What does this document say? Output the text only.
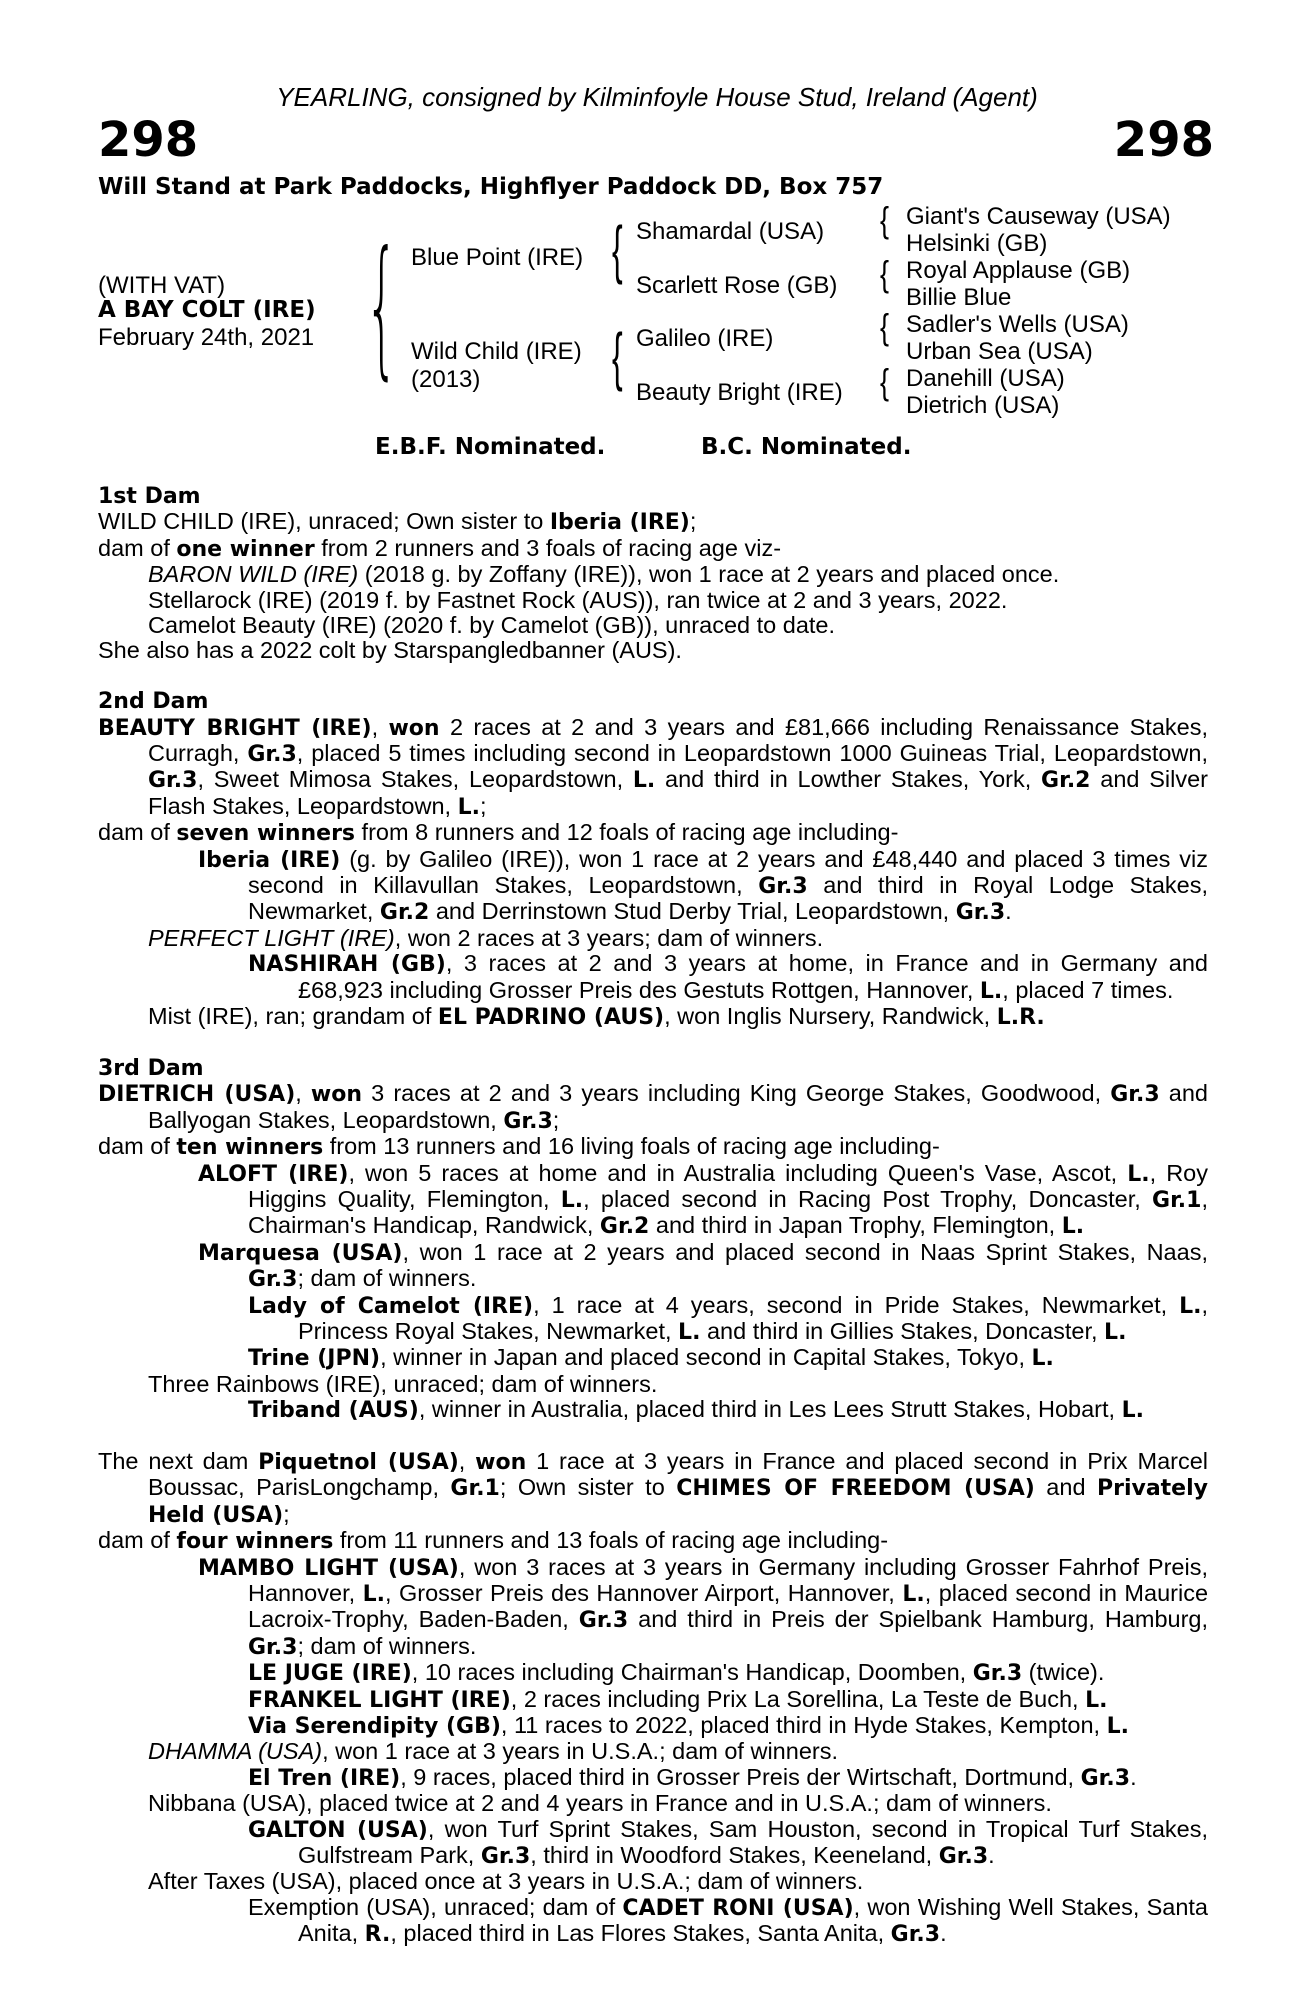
YEARLING, consigned by Kilminfoyle House Stud, Ireland (Agent)
298	298
Will Stand at Park Paddocks, Highflyer Paddock DD, Box 757
(WITH VAT)
A BAY COLT (IRE)
February 24th, 2021 { Blue Point (IRE)
Wild Child (IRE)
(2013)
{
{
Shamardal (USA)
Scarlett Rose (GB)
Galileo (IRE)
Beauty Bright (IRE)
{
{
{
{
Giant's Causeway (USA)
Helsinki (GB)
Royal Applause (GB)
Billie Blue
Sadler's Wells (USA)
Urban Sea (USA)
Danehill (USA)
Dietrich (USA)
E.B.F. Nominated.	B.C. Nominated.
1st Dam

WILD CHILD (IRE), unraced; Own sister to Iberia (IRE);

dam of one winner from 2 runners and 3 foals of racing age viz-

BARON WILD (IRE) (2018 g. by Zoffany (IRE)), won 1 race at 2 years and placed once.

Stellarock (IRE) (2019 f. by Fastnet Rock (AUS)), ran twice at 2 and 3 years, 2022.

Camelot Beauty (IRE) (2020 f. by Camelot (GB)), unraced to date.

She also has a 2022 colt by Starspangledbanner (AUS).

2nd Dam

BEAUTY BRIGHT (IRE), won 2 races at 2 and 3 years and £81,666 including Renaissance Stakes, Curragh, Gr.3, placed 5 times including second in Leopardstown 1000 Guineas Trial, Leopardstown, Gr.3, Sweet Mimosa Stakes, Leopardstown, L. and third in Lowther Stakes, York, Gr.2 and Silver Flash Stakes, Leopardstown, L.;

dam of seven winners from 8 runners and 12 foals of racing age including-

Iberia (IRE) (g. by Galileo (IRE)), won 1 race at 2 years and £48,440 and placed 3 times viz second in Killavullan Stakes, Leopardstown, Gr.3 and third in Royal Lodge Stakes, Newmarket, Gr.2 and Derrinstown Stud Derby Trial, Leopardstown, Gr.3.

PERFECT LIGHT (IRE), won 2 races at 3 years; dam of winners.

NASHIRAH (GB), 3 races at 2 and 3 years at home, in France and in Germany and £68,923 including Grosser Preis des Gestuts Rottgen, Hannover, L., placed 7 times.

Mist (IRE), ran; grandam of EL PADRINO (AUS), won Inglis Nursery, Randwick, L.R.

3rd Dam

DIETRICH (USA), won 3 races at 2 and 3 years including King George Stakes, Goodwood, Gr.3 and Ballyogan Stakes, Leopardstown, Gr.3;

dam of ten winners from 13 runners and 16 living foals of racing age including-

ALOFT (IRE), won 5 races at home and in Australia including Queen's Vase, Ascot, L., Roy Higgins Quality, Flemington, L., placed second in Racing Post Trophy, Doncaster, Gr.1, Chairman's Handicap, Randwick, Gr.2 and third in Japan Trophy, Flemington, L.

Marquesa (USA), won 1 race at 2 years and placed second in Naas Sprint Stakes, Naas, Gr.3; dam of winners.

Lady of Camelot (IRE), 1 race at 4 years, second in Pride Stakes, Newmarket, L., Princess Royal Stakes, Newmarket, L. and third in Gillies Stakes, Doncaster, L.

Trine (JPN), winner in Japan and placed second in Capital Stakes, Tokyo, L.

Three Rainbows (IRE), unraced; dam of winners.

Triband (AUS), winner in Australia, placed third in Les Lees Strutt Stakes, Hobart, L.

The next dam Piquetnol (USA), won 1 race at 3 years in France and placed second in Prix Marcel Boussac, ParisLongchamp, Gr.1; Own sister to CHIMES OF FREEDOM (USA) and Privately Held (USA);

dam of four winners from 11 runners and 13 foals of racing age including-

MAMBO LIGHT (USA), won 3 races at 3 years in Germany including Grosser Fahrhof Preis, Hannover, L., Grosser Preis des Hannover Airport, Hannover, L., placed second in Maurice Lacroix-Trophy, Baden-Baden, Gr.3 and third in Preis der Spielbank Hamburg, Hamburg, Gr.3; dam of winners.

LE JUGE (IRE), 10 races including Chairman's Handicap, Doomben, Gr.3 (twice).

FRANKEL LIGHT (IRE), 2 races including Prix La Sorellina, La Teste de Buch, L.

Via Serendipity (GB), 11 races to 2022, placed third in Hyde Stakes, Kempton, L.

DHAMMA (USA), won 1 race at 3 years in U.S.A.; dam of winners.

El Tren (IRE), 9 races, placed third in Grosser Preis der Wirtschaft, Dortmund, Gr.3.

Nibbana (USA), placed twice at 2 and 4 years in France and in U.S.A.; dam of winners.

GALTON (USA), won Turf Sprint Stakes, Sam Houston, second in Tropical Turf Stakes, Gulfstream Park, Gr.3, third in Woodford Stakes, Keeneland, Gr.3.

After Taxes (USA), placed once at 3 years in U.S.A.; dam of winners.

Exemption (USA), unraced; dam of CADET RONI (USA), won Wishing Well Stakes, Santa Anita, R., placed third in Las Flores Stakes, Santa Anita, Gr.3.
